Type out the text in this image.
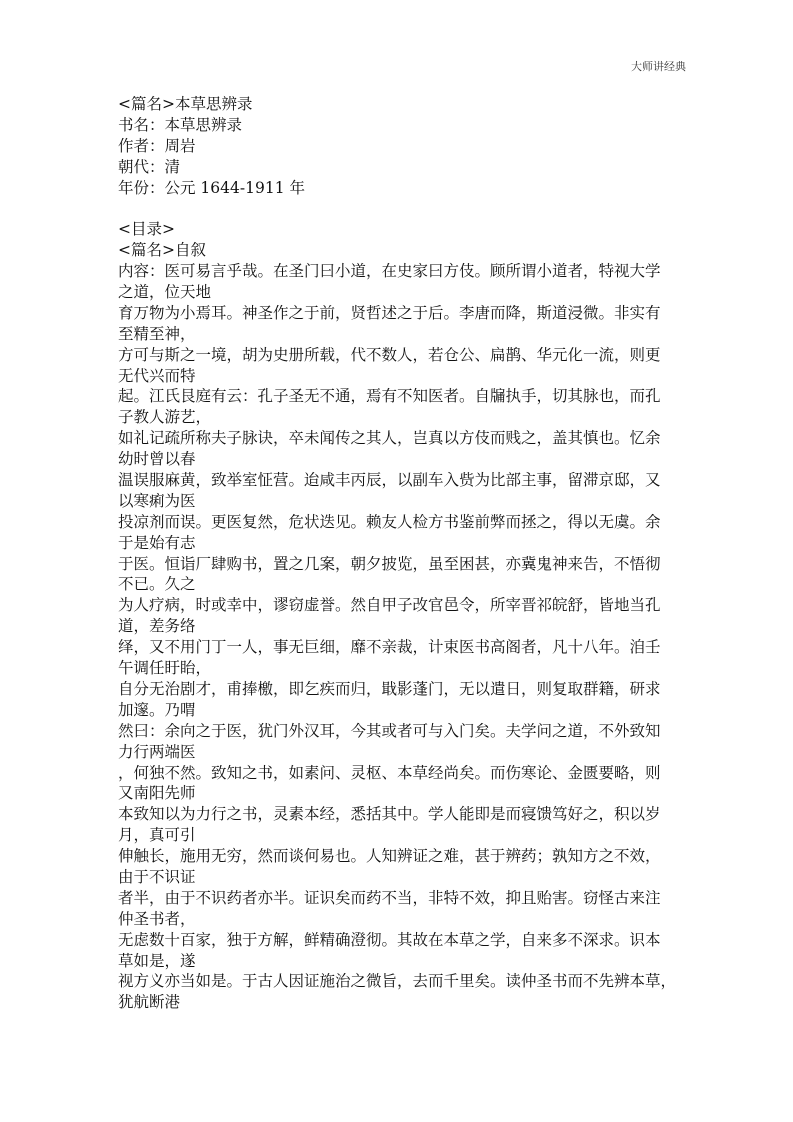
大师讲经典
<篇名>本草思辨录
书名：本草思辨录
作者：周岩
朝代：清
年份：公元 1644-1911 年
<目录>
<篇名>自叙
内容：医可易言乎哉。在圣门曰小道，在史家曰方伎。顾所谓小道者，特视大学
之道，位天地
育万物为小焉耳。神圣作之于前，贤哲述之于后。李唐而降，斯道浸微。非实有
至精至神，
方可与斯之一境，胡为史册所载，代不数人，若仓公、扁鹊、华元化一流，则更
无代兴而特
起。江氏艮庭有云：孔子圣无不通，焉有不知医者。自牖执手，切其脉也，而孔
子教人游艺，
如礼记疏所称夫子脉诀，卒未闻传之其人，岂真以方伎而贱之，盖其慎也。忆余
幼时曾以春
温误服麻黄，致举室怔营。迨咸丰丙辰，以副车入赀为比部主事，留滞京邸，又
以寒痢为医
投凉剂而误。更医复然，危状迭见。赖友人检方书鉴前弊而拯之，得以无虞。余
于是始有志
于医。恒诣厂肆购书，置之几案，朝夕披览，虽至困甚，亦冀鬼神来告，不悟彻
不已。久之
为人疗病，时或幸中，谬窃虚誉。然自甲子改官邑令，所宰晋祁皖舒，皆地当孔
道，差务络
绎，又不用门丁一人，事无巨细，靡不亲裁，计束医书高阁者，凡十八年。洎壬
午调任盱眙，
自分无治剧才，甫捧檄，即乞疾而归，戢影蓬门，无以遣日，则复取群籍，研求
加邃。乃喟
然曰：余向之于医，犹门外汉耳，今其或者可与入门矣。夫学问之道，不外致知
力行两端医
，何独不然。致知之书，如素问、灵枢、本草经尚矣。而伤寒论、金匮要略，则
又南阳先师
本致知以为力行之书，灵素本经，悉括其中。学人能即是而寝馈笃好之，积以岁
月，真可引
伸触长，施用无穷，然而谈何易也。人知辨证之难，甚于辨药；孰知方之不效，
由于不识证
者半，由于不识药者亦半。证识矣而药不当，非特不效，抑且贻害。窃怪古来注
仲圣书者，
无虑数十百家，独于方解，鲜精确澄彻。其故在本草之学，自来多不深求。识本
草如是，遂
视方义亦当如是。于古人因证施治之微旨，去而千里矣。读仲圣书而不先辨本草，
犹航断港
